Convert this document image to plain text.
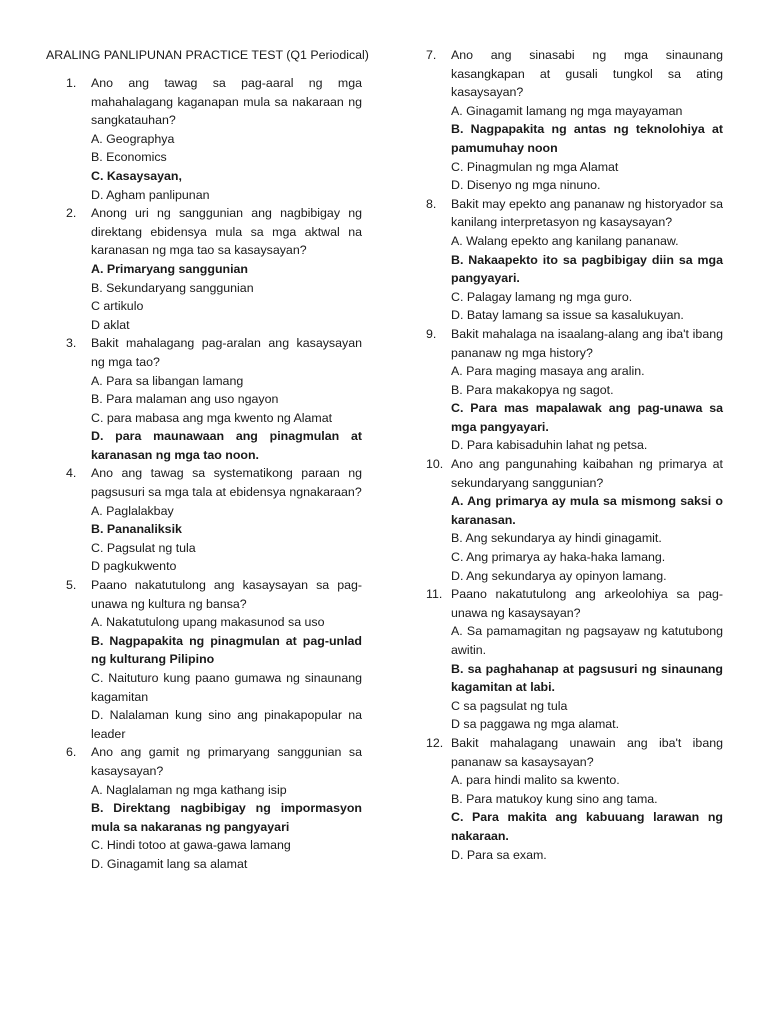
ARALING PANLIPUNAN PRACTICE TEST (Q1 Periodical)
1.	Ano ang tawag sa pag-aaral ng mga mahahalagang kaganapan mula sa nakaraan ng sangkatauhan?
A. Geographya
B. Economics
C. Kasaysayan,
D. Agham panlipunan
2.	Anong uri ng sanggunian ang nagbibigay ng direktang ebidensya mula sa mga aktwal na karanasan ng mga tao sa kasaysayan?
A. Primaryang sanggunian
B. Sekundaryang sanggunian
C artikulo
D aklat
3.	Bakit mahalagang pag-aralan ang kasaysayan ng mga tao?
A. Para sa libangan lamang
B. Para malaman ang uso ngayon
C. para mabasa ang mga kwento ng Alamat
D. para maunawaan ang pinagmulan at karanasan ng mga tao noon.
4.	Ano ang tawag sa systematikong paraan ng pagsusuri sa mga tala at ebidensya ngnakaraan?
A. Paglalakbay
B. Pananaliksik
C. Pagsulat ng tula
D pagkukwento
5.	Paano nakatutulong ang kasaysayan sa pag-unawa ng kultura ng bansa?
A. Nakatutulong upang makasunod sa uso
B. Nagpapakita ng pinagmulan at pag-unlad ng kulturang Pilipino
C. Naituturo kung paano gumawa ng sinaunang kagamitan
D. Nalalaman kung sino ang pinakapopular na leader
6.	Ano ang gamit ng primaryang sanggunian sa kasaysayan?
A. Naglalaman ng mga kathang isip
B. Direktang nagbibigay ng impormasyon mula sa nakaranas ng pangyayari
C. Hindi totoo at gawa-gawa lamang
D. Ginagamit lang sa alamat
7.	Ano ang sinasabi ng mga sinaunang kasangkapan at gusali tungkol sa ating kasaysayan?
A. Ginagamit lamang ng mga mayayaman
B. Nagpapakita ng antas ng teknolohiya at pamumuhay noon
C. Pinagmulan ng mga Alamat
D. Disenyo ng mga ninuno.
8.	Bakit may epekto ang pananaw ng historyador sa kanilang interpretasyon ng kasaysayan?
A. Walang epekto ang kanilang pananaw.
B. Nakaapekto ito sa pagbibigay diin sa mga pangyayari.
C. Palagay lamang ng mga guro.
D. Batay lamang sa issue sa kasalukuyan.
9.	Bakit mahalaga na isaalang-alang ang iba't ibang pananaw ng mga history?
A. Para maging masaya ang aralin.
B. Para makakopya ng sagot.
C. Para mas mapalawak ang pag-unawa sa mga pangyayari.
D. Para kabisaduhin lahat ng petsa.
10. Ano ang pangunahing kaibahan ng primarya at sekundaryang sanggunian?
A. Ang primarya ay mula sa mismong saksi o karanasan.
B. Ang sekundarya ay hindi ginagamit.
C. Ang primarya ay haka-haka lamang.
D. Ang sekundarya ay opinyon lamang.
11. Paano nakatutulong ang arkeolohiya sa pag-unawa ng kasaysayan?
A. Sa pamamagitan ng pagsayaw ng katutubong awitin.
B. sa paghahanap at pagsusuri ng sinaunang kagamitan at labi.
C sa pagsulat ng tula
D sa paggawa ng mga alamat.
12. Bakit mahalagang unawain ang iba't ibang pananaw sa kasaysayan?
A. para hindi malito sa kwento.
B. Para matukoy kung sino ang tama.
C. Para makita ang kabuuang larawan ng nakaraan.
D. Para sa exam.
